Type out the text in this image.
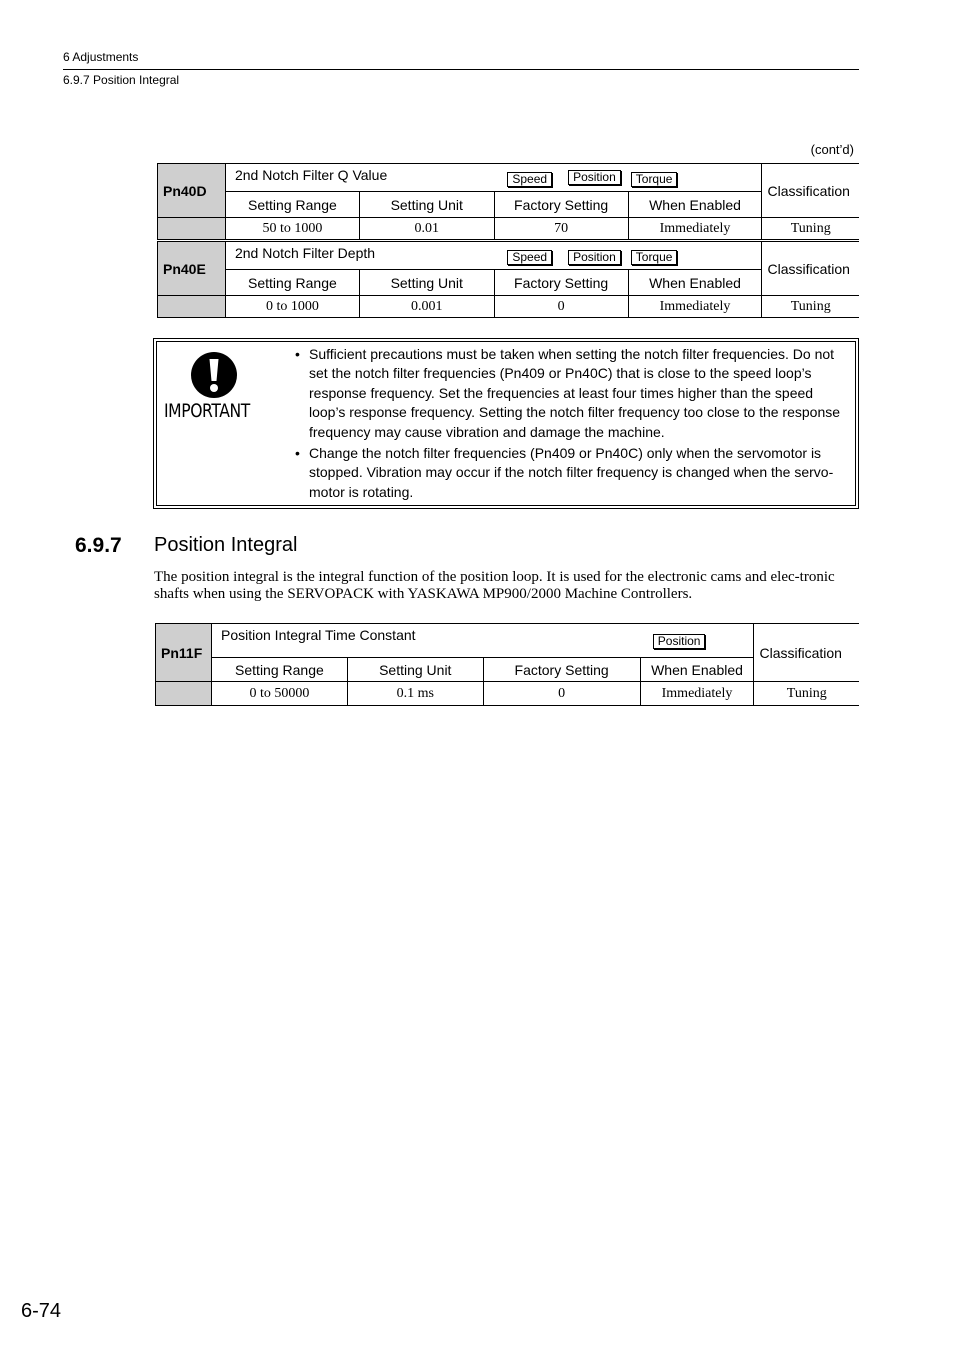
6 Adjustments
6.9.7 Position Integral
(cont’d)
Pn40D	2nd Notch Filter Q Value Speed Position Torque				Classification
	Setting Range	Setting Unit	Factory Setting	When Enabled	
	50 to 1000	0.01	70	Immediately	Tuning
Pn40E	2nd Notch Filter Depth Speed Position Torque				Classification
	Setting Range	Setting Unit	Factory Setting	When Enabled	
	0 to 1000	0.001	0	Immediately	Tuning
IMPORTANT
• Sufficient precautions must be taken when setting the notch filter frequencies. Do not set the notch filter frequencies (Pn409 or Pn40C) that is close to the speed loop’s response frequency. Set the frequencies at least four times higher than the speed loop’s response frequency. Setting the notch filter frequency too close to the response frequency may cause vibration and damage the machine.
• Change the notch filter frequencies (Pn409 or Pn40C) only when the servomotor is stopped. Vibration may occur if the notch filter frequency is changed when the servo-motor is rotating.
6.9.7 Position Integral
The position integral is the integral function of the position loop. It is used for the electronic cams and elec-tronic shafts when using the SERVOPACK with YASKAWA MP900/2000 Machine Controllers.
Pn11F	Position Integral Time Constant Position				Classification
	Setting Range	Setting Unit	Factory Setting	When Enabled	
	0 to 50000	0.1 ms	0	Immediately	Tuning
6-74
